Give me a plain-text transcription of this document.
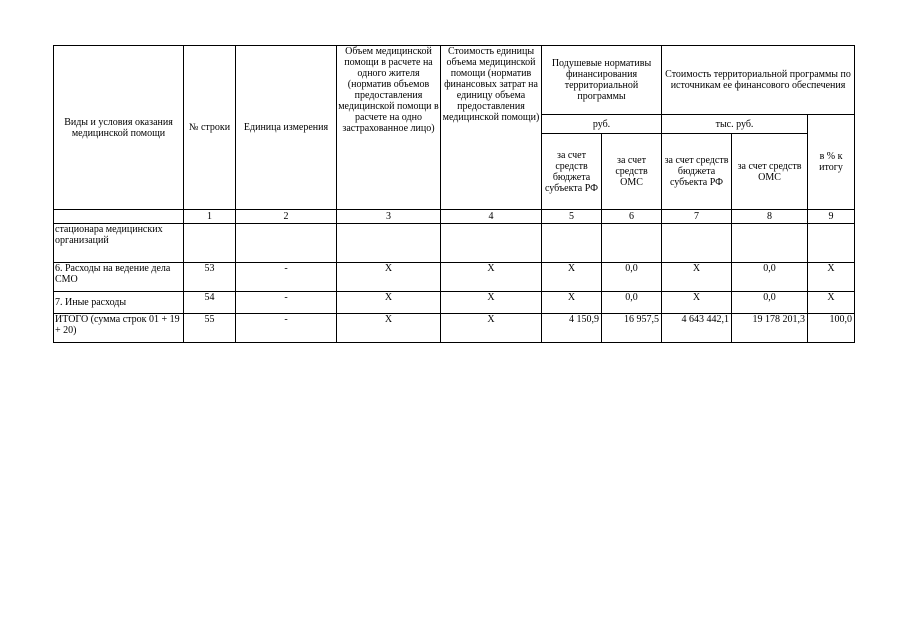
Виды и условия оказания медицинской помощи	№ строки	Единица измерения	Объем медицинской помощи в расчете на одного жителя (норматив объемов предоставления медицинской помощи в расчете на одно застрахованное лицо)	Стоимость единицы объема медицинской помощи (норматив финансовых затрат на единицу объема предоставления медицинской помощи)	Подушевые нормативы финансирования территориальной программы		Стоимость территориальной программы по источникам ее финансового обеспечения		
					руб.		тыс. руб.		в % к итогу
					за счет средств бюджета субъекта РФ	за счет средств ОМС	за счет средств бюджета субъекта РФ	за счет средств ОМС	
	1	2	3	4	5	6	7	8	9
стационара медицинских организаций									
6. Расходы на ведение дела СМО	53	-	Х	Х	Х	0,0	Х	0,0	Х
7. Иные расходы	54	-	Х	Х	Х	0,0	Х	0,0	Х
ИТОГО (сумма строк 01 + 19 + 20)	55	-	Х	Х	4 150,9	16 957,5	4 643 442,1	19 178 201,3	100,0
